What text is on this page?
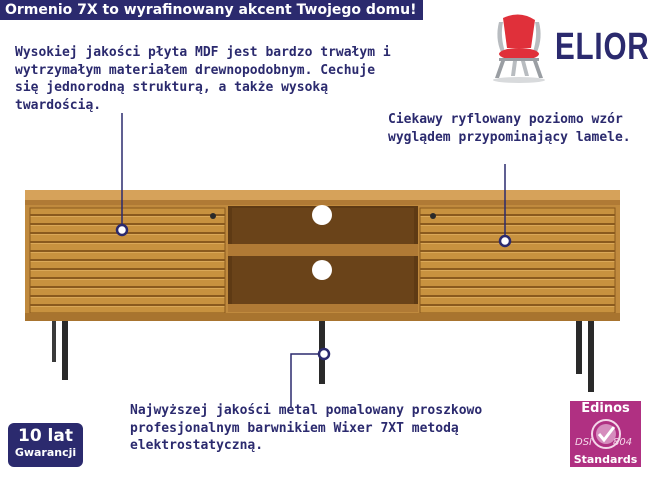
Ormenio 7X to wyrafinowany akcent Twojego domu!
ELIOR

Wysokiej jakości płyta MDF jest bardzo trwałym i wytrzymałym materiałem drewnopodobnym. Cechuje się jednorodną strukturą, a także wysoką twardością.

Ciekawy ryflowany poziomo wzór wyglądem przypominający lamele.

Najwyższej jakości metal pomalowany proszkowo profesjonalnym barwnikiem Wixer 7XT metodą elektrostatyczną.

10 lat
Gwarancji
Edinos
DSI 804
Standards
